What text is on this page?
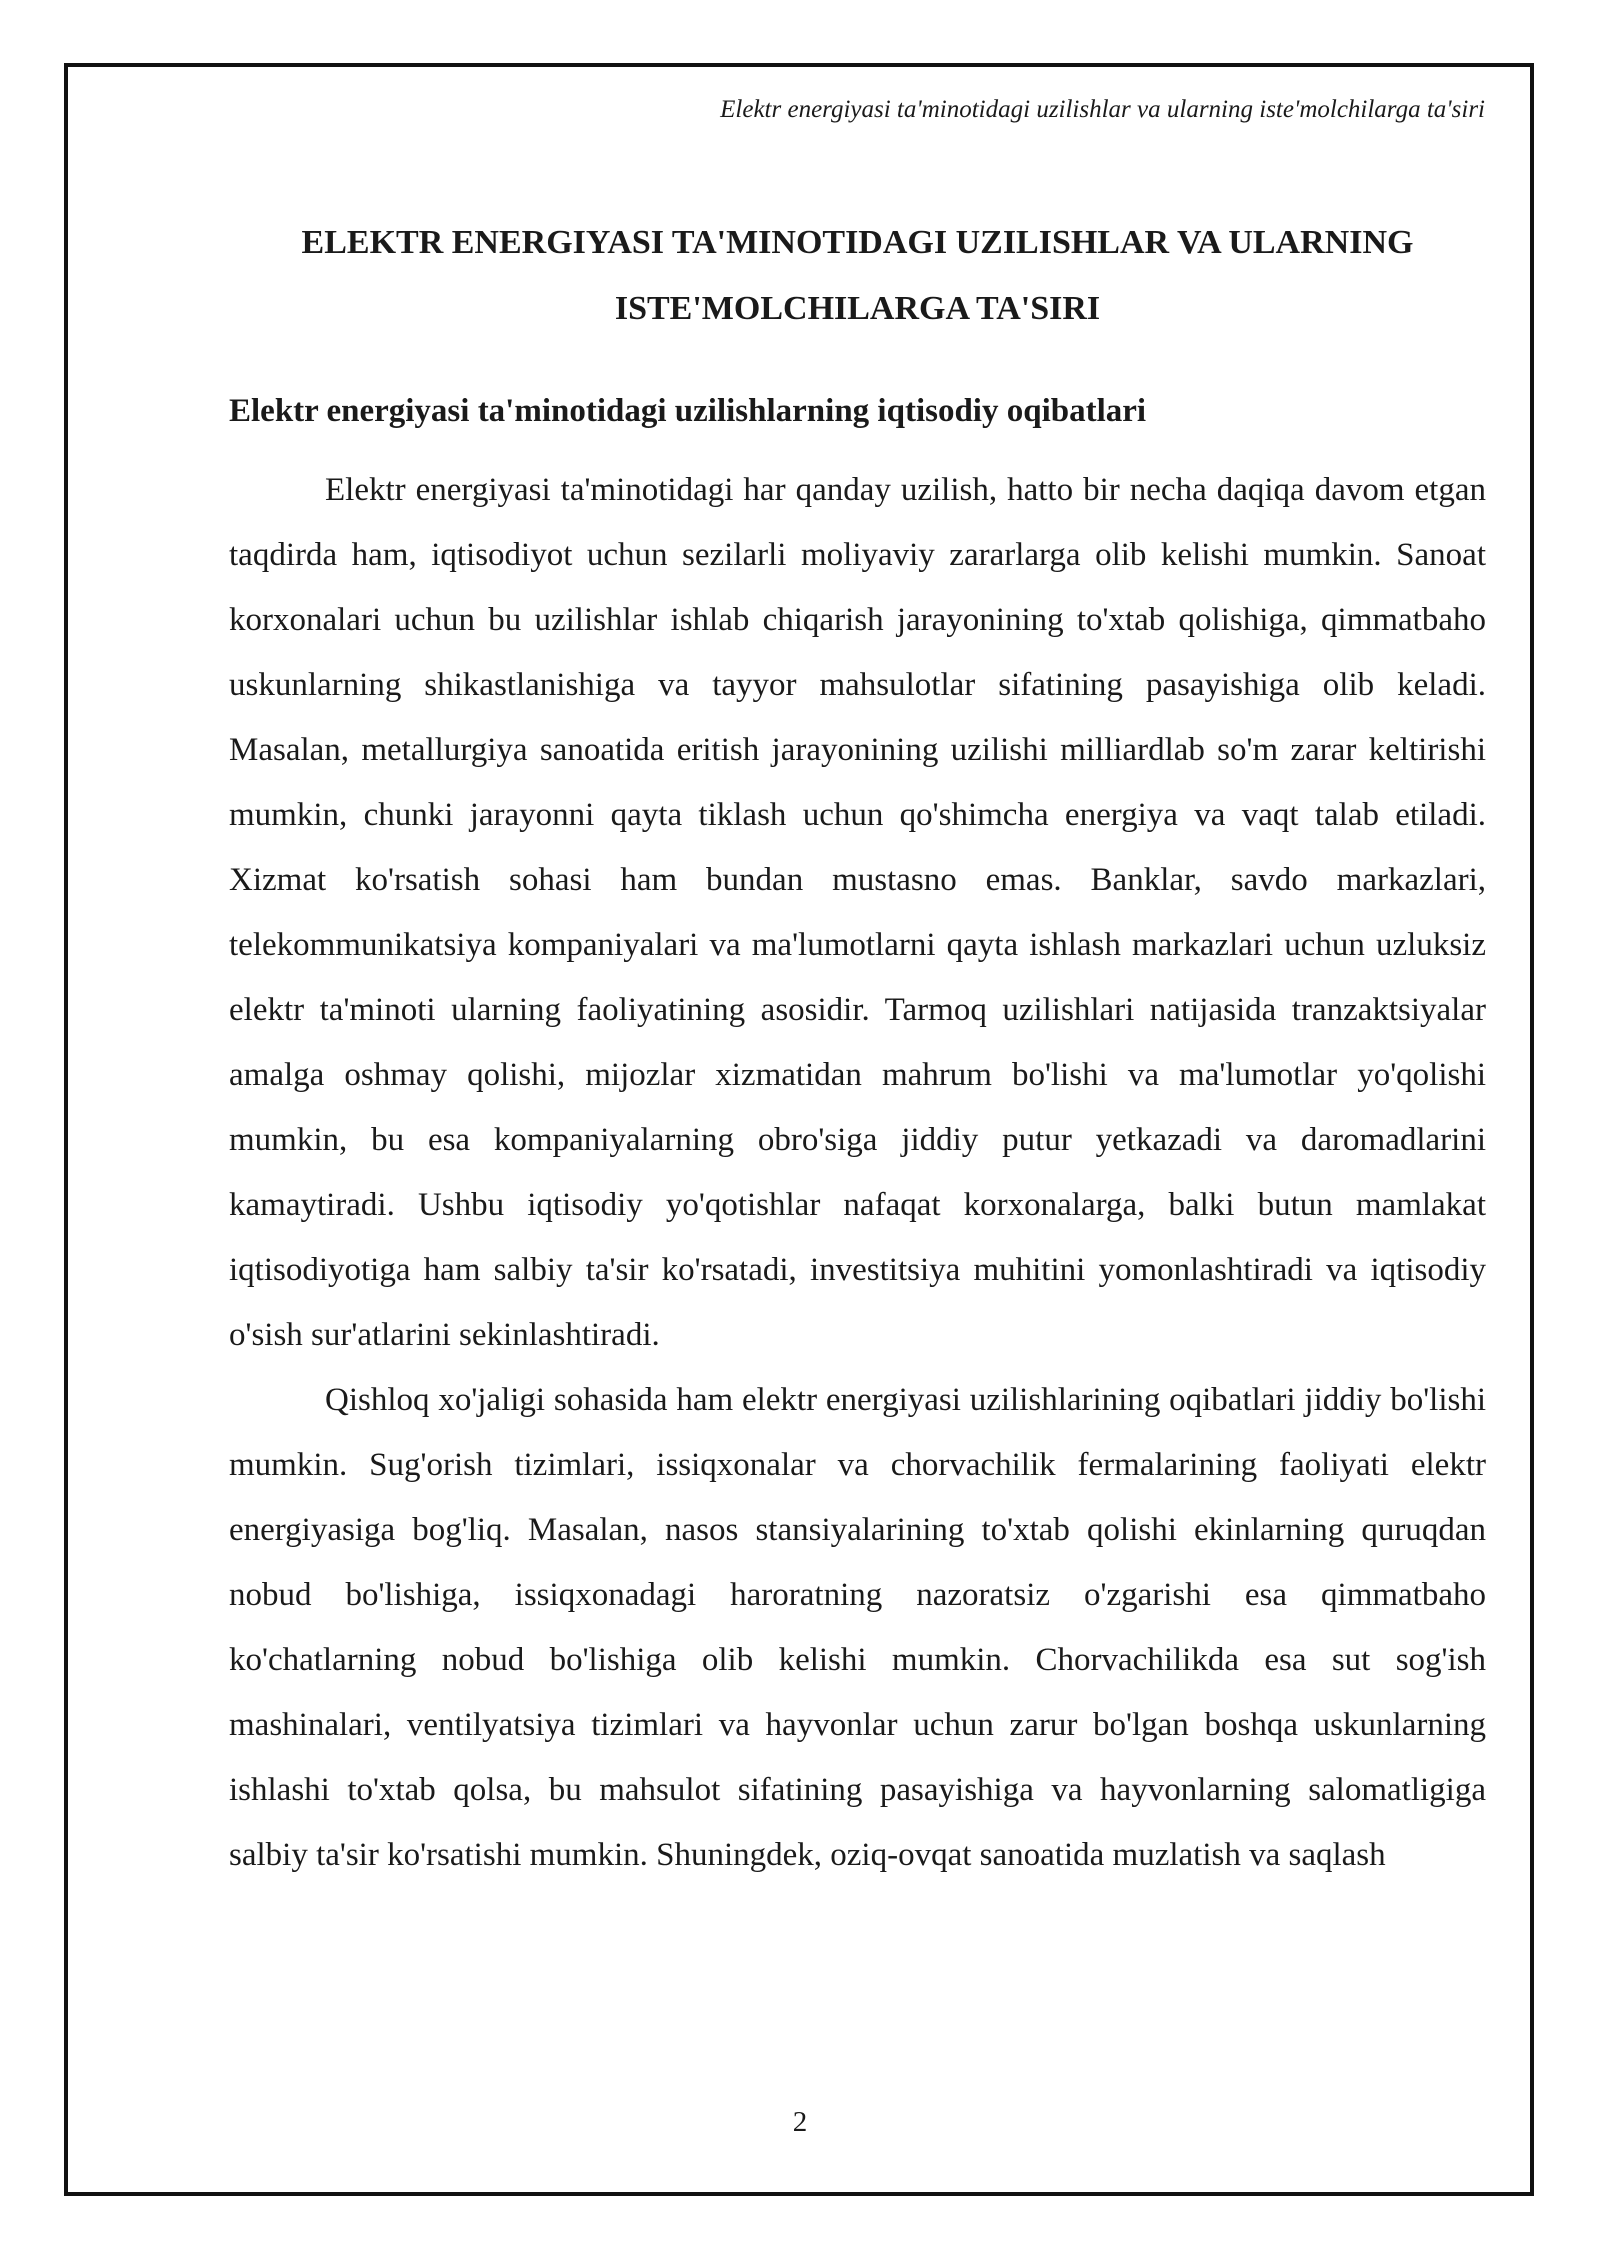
Elektr energiyasi ta'minotidagi uzilishlar va ularning iste'molchilarga ta'siri
ELEKTR ENERGIYASI TA'MINOTIDAGI UZILISHLAR VA ULARNING ISTE'MOLCHILARGA TA'SIRI
Elektr energiyasi ta'minotidagi uzilishlarning iqtisodiy oqibatlari

Elektr energiyasi ta'minotidagi har qanday uzilish, hatto bir necha daqiqa davom etgan taqdirda ham, iqtisodiyot uchun sezilarli moliyaviy zararlarga olib kelishi mumkin. Sanoat korxonalari uchun bu uzilishlar ishlab chiqarish jarayonining to'xtab qolishiga, qimmatbaho uskunlarning shikastlanishiga va tayyor mahsulotlar sifatining pasayishiga olib keladi. Masalan, metallurgiya sanoatida eritish jarayonining uzilishi milliardlab so'm zarar keltirishi mumkin, chunki jarayonni qayta tiklash uchun qo'shimcha energiya va vaqt talab etiladi. Xizmat ko'rsatish sohasi ham bundan mustasno emas. Banklar, savdo markazlari, telekommunikatsiya kompaniyalari va ma'lumotlarni qayta ishlash markazlari uchun uzluksiz elektr ta'minoti ularning faoliyatining asosidir. Tarmoq uzilishlari natijasida tranzaktsiyalar amalga oshmay qolishi, mijozlar xizmatidan mahrum bo'lishi va ma'lumotlar yo'qolishi mumkin, bu esa kompaniyalarning obro'siga jiddiy putur yetkazadi va daromadlarini kamaytiradi. Ushbu iqtisodiy yo'qotishlar nafaqat korxonalarga, balki butun mamlakat iqtisodiyotiga ham salbiy ta'sir ko'rsatadi, investitsiya muhitini yomonlashtiradi va iqtisodiy o'sish sur'atlarini sekinlashtiradi.

Qishloq xo'jaligi sohasida ham elektr energiyasi uzilishlarining oqibatlari jiddiy bo'lishi mumkin. Sug'orish tizimlari, issiqxonalar va chorvachilik fermalarining faoliyati elektr energiyasiga bog'liq. Masalan, nasos stansiyalarining to'xtab qolishi ekinlarning quruqdan nobud bo'lishiga, issiqxonadagi haroratning nazoratsiz o'zgarishi esa qimmatbaho ko'chatlarning nobud bo'lishiga olib kelishi mumkin. Chorvachilikda esa sut sog'ish mashinalari, ventilyatsiya tizimlari va hayvonlar uchun zarur bo'lgan boshqa uskunlarning ishlashi to'xtab qolsa, bu mahsulot sifatining pasayishiga va hayvonlarning salomatligiga salbiy ta'sir ko'rsatishi mumkin. Shuningdek, oziq-ovqat sanoatida muzlatish va saqlash

2
